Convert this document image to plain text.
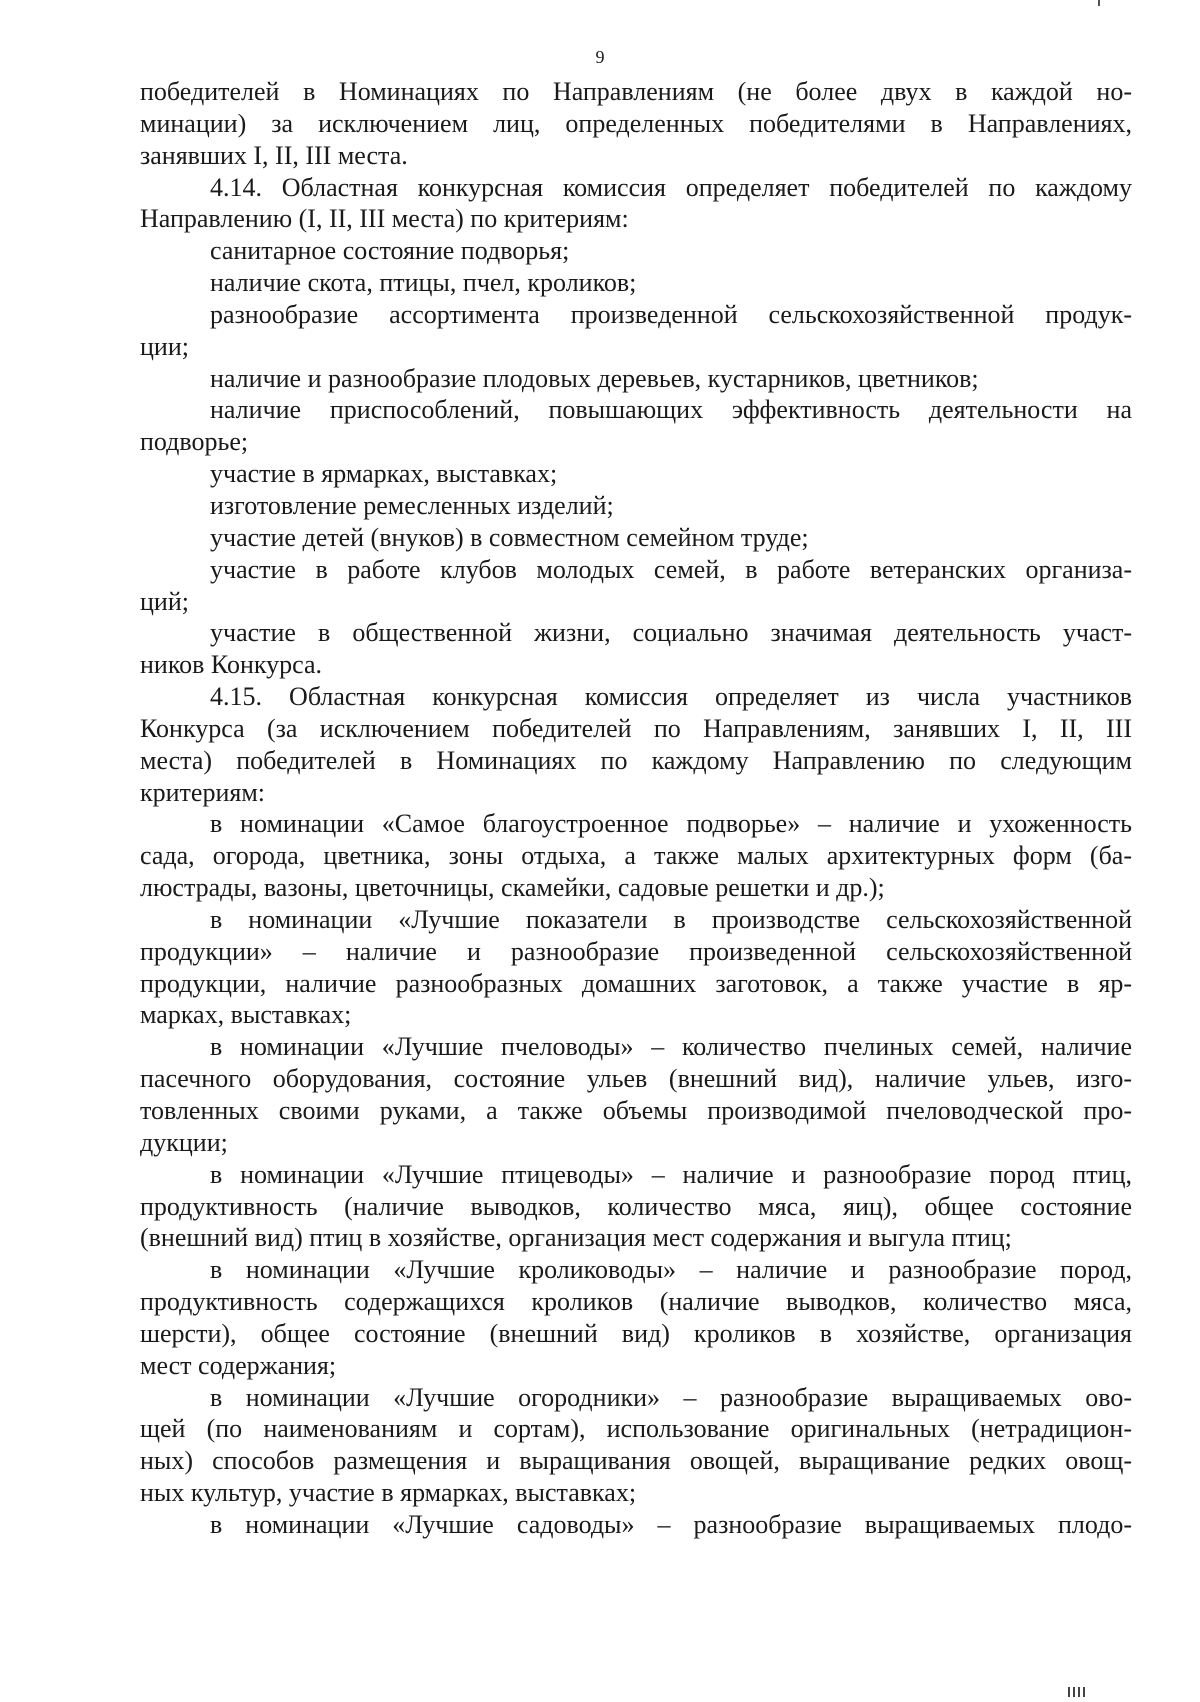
9
победителей в Номинациях по Направлениям (не более двух в каждой но-
минации) за исключением лиц, определенных победителями в Направлениях,
занявших I, II, III места.
4.14. Областная конкурсная комиссия определяет победителей по каждому
Направлению (I, II, III места) по критериям:
санитарное состояние подворья;
наличие скота, птицы, пчел, кроликов;
разнообразие ассортимента произведенной сельскохозяйственной продук-
ции;
наличие и разнообразие плодовых деревьев, кустарников, цветников;
наличие приспособлений, повышающих эффективность деятельности на
подворье;
участие в ярмарках, выставках;
изготовление ремесленных изделий;
участие детей (внуков) в совместном семейном труде;
участие в работе клубов молодых семей, в работе ветеранских организа-
ций;
участие в общественной жизни, социально значимая деятельность участ-
ников Конкурса.
4.15. Областная конкурсная комиссия определяет из числа участников
Конкурса (за исключением победителей по Направлениям, занявших I, II, III
места) победителей в Номинациях по каждому Направлению по следующим
критериям:
в номинации «Самое благоустроенное подворье» – наличие и ухоженность
сада, огорода, цветника, зоны отдыха, а также малых архитектурных форм (ба-
люстрады, вазоны, цветочницы, скамейки, садовые решетки и др.);
в номинации «Лучшие показатели в производстве сельскохозяйственной
продукции» – наличие и разнообразие произведенной сельскохозяйственной
продукции, наличие разнообразных домашних заготовок, а также участие в яр-
марках, выставках;
в номинации «Лучшие пчеловоды» – количество пчелиных семей, наличие
пасечного оборудования, состояние ульев (внешний вид), наличие ульев, изго-
товленных своими руками, а также объемы производимой пчеловодческой про-
дукции;
в номинации «Лучшие птицеводы» – наличие и разнообразие пород птиц,
продуктивность (наличие выводков, количество мяса, яиц), общее состояние
(внешний вид) птиц в хозяйстве, организация мест содержания и выгула птиц;
в номинации «Лучшие кролиководы» – наличие и разнообразие пород,
продуктивность содержащихся кроликов (наличие выводков, количество мяса,
шерсти), общее состояние (внешний вид) кроликов в хозяйстве, организация
мест содержания;
в номинации «Лучшие огородники» – разнообразие выращиваемых ово-
щей (по наименованиям и сортам), использование оригинальных (нетрадицион-
ных) способов размещения и выращивания овощей, выращивание редких овощ-
ных культур, участие в ярмарках, выставках;
в номинации «Лучшие садоводы» – разнообразие выращиваемых плодо-
